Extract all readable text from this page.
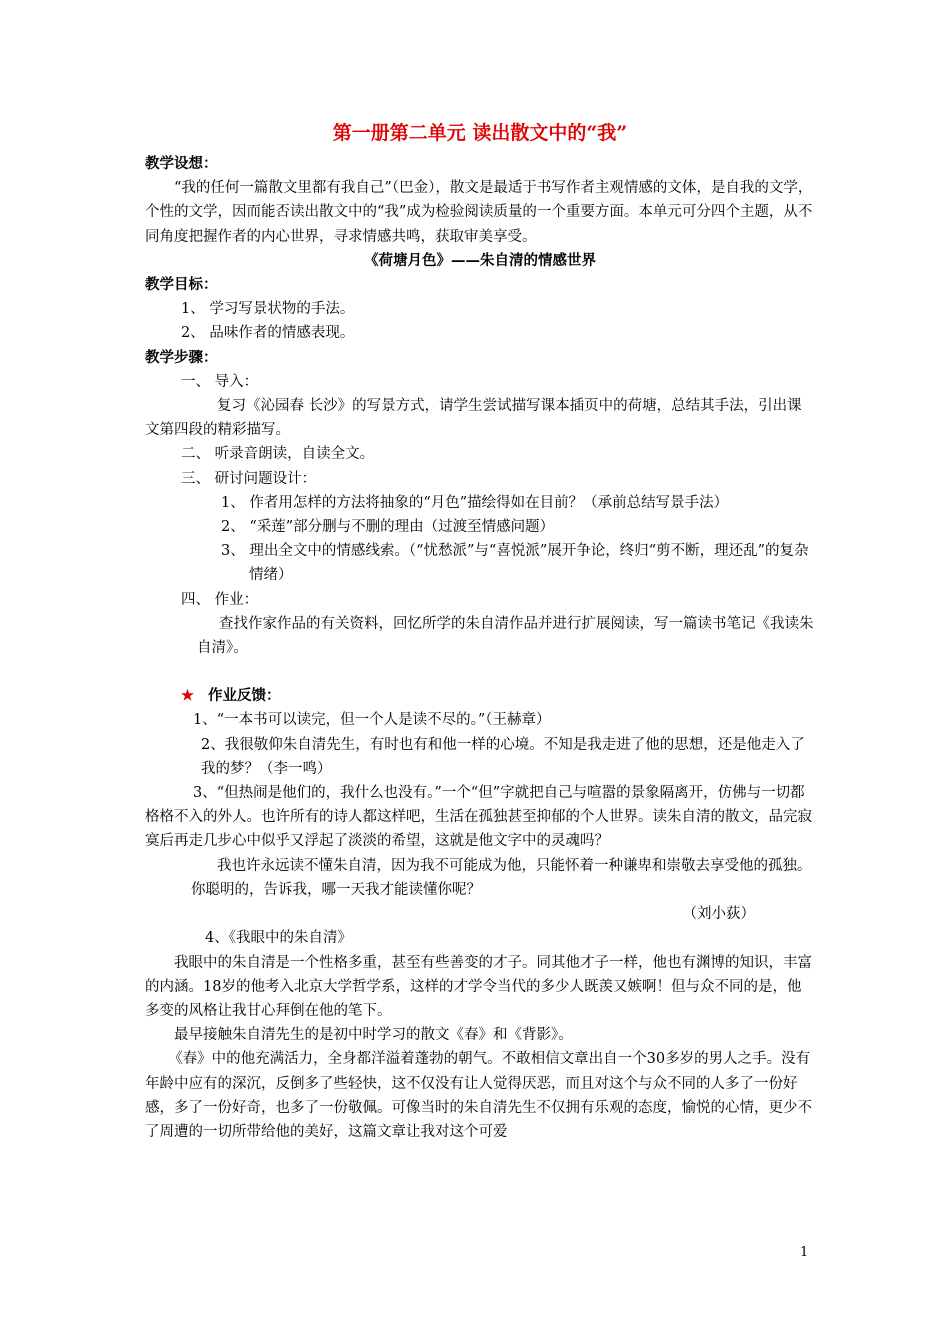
第一册第二单元 读出散文中的“我”

教学设想：

“我的任何一篇散文里都有我自己”（巴金），散文是最适于书写作者主观情感的文体，是自我的文学，个性的文学，因而能否读出散文中的“我”成为检验阅读质量的一个重要方面。本单元可分四个主题，从不同角度把握作者的内心世界，寻求情感共鸣，获取审美享受。

《荷塘月色》——朱自清的情感世界

教学目标：

1、 学习写景状物的手法。

2、 品味作者的情感表现。

教学步骤：

一、 导入：

复习《沁园春 长沙》的写景方式，请学生尝试描写课本插页中的荷塘，总结其手法，引出课文第四段的精彩描写。

二、 听录音朗读，自读全文。

三、 研讨问题设计：

1、 作者用怎样的方法将抽象的“月色”描绘得如在目前？（承前总结写景手法）

2、 “采莲”部分删与不删的理由（过渡至情感问题）

3、 理出全文中的情感线索。（“忧愁派”与“喜悦派”展开争论，终归“剪不断，理还乱”的复杂情绪）

四、 作业：

查找作家作品的有关资料，回忆所学的朱自清作品并进行扩展阅读，写一篇读书笔记《我读朱自清》。

★ 作业反馈：

1、“一本书可以读完，但一个人是读不尽的。”（王赫章）

2、我很敬仰朱自清先生，有时也有和他一样的心境。不知是我走进了他的思想，还是他走入了我的梦？（李一鸣）

3、“但热闹是他们的，我什么也没有。”一个“但”字就把自己与喧嚣的景象隔离开，仿佛与一切都格格不入的外人。也许所有的诗人都这样吧，生活在孤独甚至抑郁的个人世界。读朱自清的散文，品完寂寞后再走几步心中似乎又浮起了淡淡的希望，这就是他文字中的灵魂吗？

我也许永远读不懂朱自清，因为我不可能成为他，只能怀着一种谦卑和崇敬去享受他的孤独。

你聪明的，告诉我，哪一天我才能读懂你呢？

（刘小荻）

4、《我眼中的朱自清》

我眼中的朱自清是一个性格多重，甚至有些善变的才子。同其他才子一样，他也有渊博的知识，丰富的内涵。18岁的他考入北京大学哲学系，这样的才学令当代的多少人既羡又嫉啊！但与众不同的是，他多变的风格让我甘心拜倒在他的笔下。

最早接触朱自清先生的是初中时学习的散文《春》和《背影》。

《春》中的他充满活力，全身都洋溢着蓬勃的朝气。不敢相信文章出自一个30多岁的男人之手。没有年龄中应有的深沉，反倒多了些轻快，这不仅没有让人觉得厌恶，而且对这个与众不同的人多了一份好感，多了一份好奇，也多了一份敬佩。可像当时的朱自清先生不仅拥有乐观的态度，愉悦的心情，更少不了周遭的一切所带给他的美好，这篇文章让我对这个可爱

1
